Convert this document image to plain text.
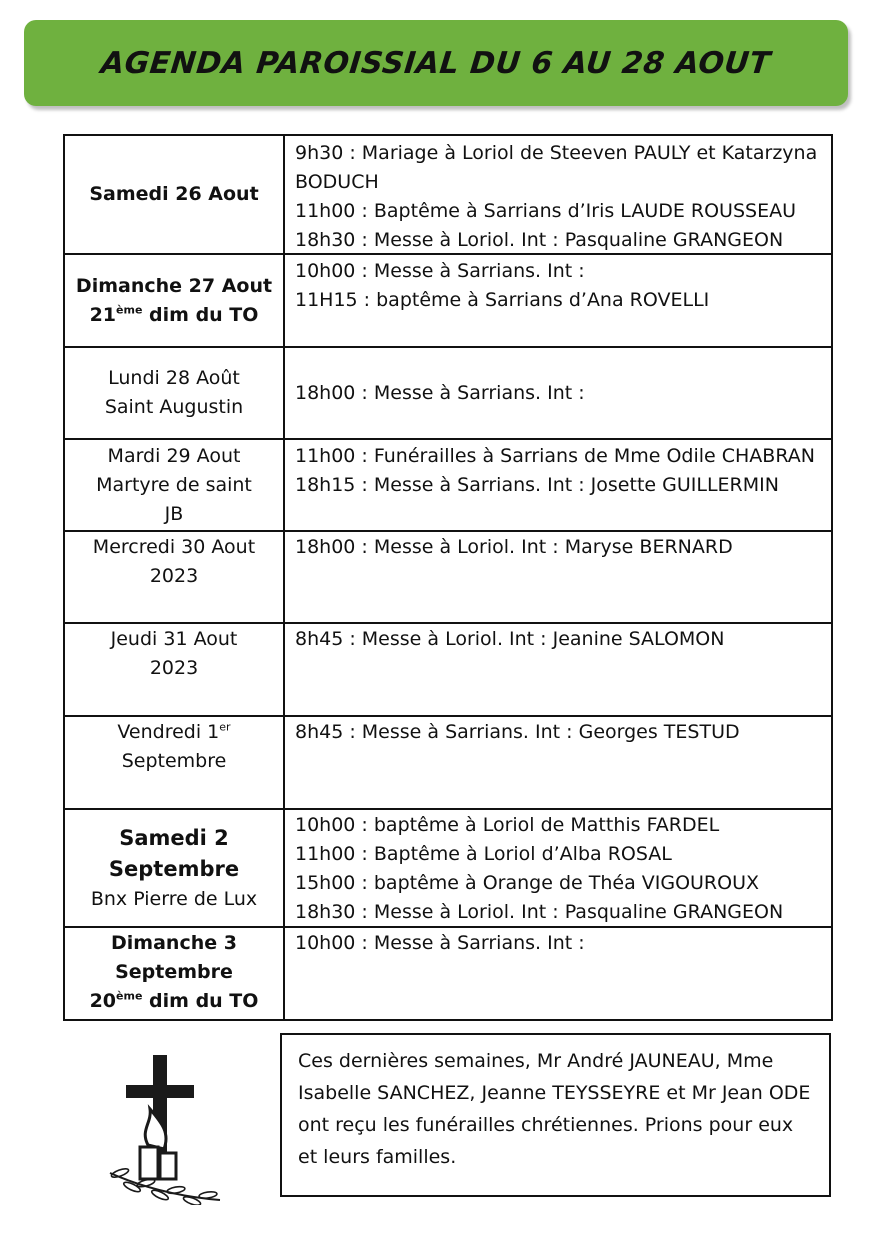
AGENDA PAROISSIAL DU 6 AU 28 AOUT
Samedi 26 Aout
9h30 : Mariage à Loriol de Steeven PAULY et Katarzyna BODUCH
11h00 : Baptême à Sarrians d’Iris LAUDE ROUSSEAU
18h30 : Messe à Loriol. Int : Pasqualine GRANGEON
Dimanche 27 Aout
21ème dim du TO
10h00 : Messe à Sarrians. Int :
11H15 : baptême à Sarrians d’Ana ROVELLI
Lundi 28 Août
Saint Augustin
18h00 : Messe à Sarrians. Int :
Mardi 29 Aout
Martyre de saint
JB
11h00 : Funérailles à Sarrians de Mme Odile CHABRAN
18h15 : Messe à Sarrians. Int : Josette GUILLERMIN
Mercredi 30 Aout
2023
18h00 : Messe à Loriol. Int : Maryse BERNARD
Jeudi 31 Aout
2023
8h45 : Messe à Loriol. Int : Jeanine SALOMON
Vendredi 1er
Septembre
8h45 : Messe à Sarrians. Int : Georges TESTUD
Samedi 2
Septembre
Bnx Pierre de Lux
10h00 : baptême à Loriol de Matthis FARDEL
11h00 : Baptême à Loriol d’Alba ROSAL
15h00 : baptême à Orange de Théa VIGOUROUX
18h30 : Messe à Loriol. Int : Pasqualine GRANGEON
Dimanche 3
Septembre
20ème dim du TO
10h00 : Messe à Sarrians. Int :
Ces dernières semaines, Mr André JAUNEAU, Mme Isabelle SANCHEZ, Jeanne TEYSSEYRE et Mr Jean ODE ont reçu les funérailles chrétiennes. Prions pour eux et leurs familles.
